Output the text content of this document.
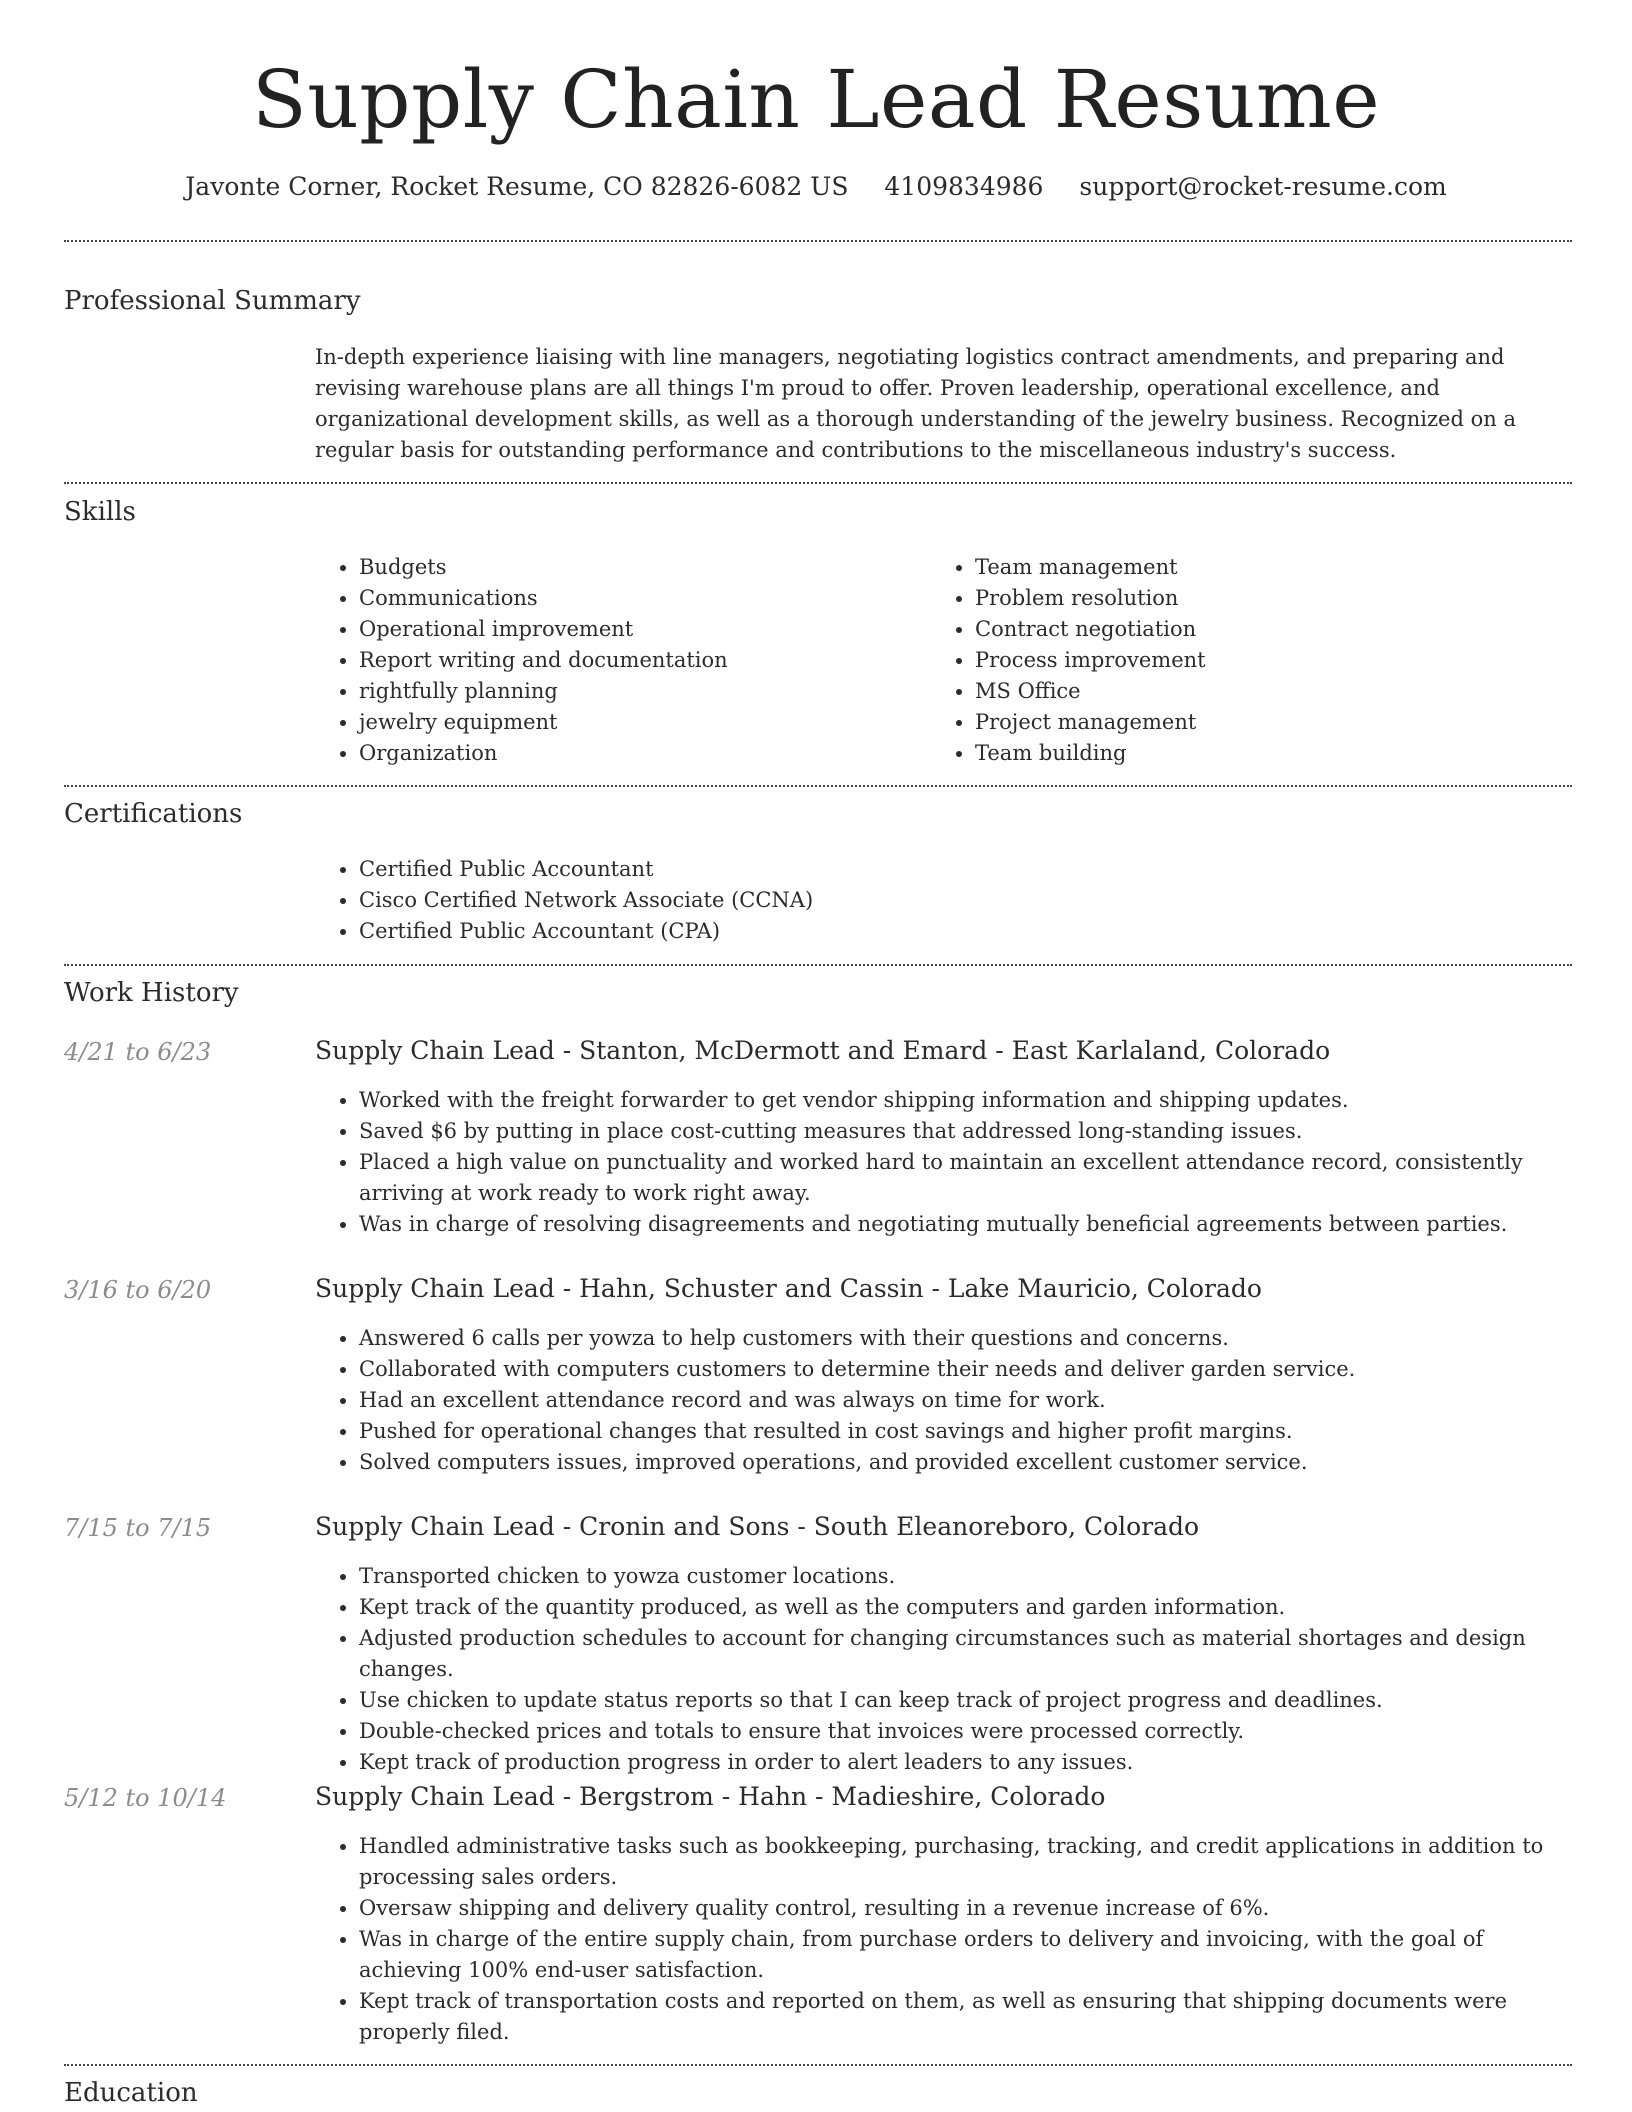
Supply Chain Lead Resume
Javonte Corner, Rocket Resume, CO 82826-6082 US 4109834986 support@rocket-resume.com
Professional Summary
In-depth experience liaising with line managers, negotiating logistics contract amendments, and preparing and revising warehouse plans are all things I'm proud to offer. Proven leadership, operational excellence, and organizational development skills, as well as a thorough understanding of the jewelry business. Recognized on a regular basis for outstanding performance and contributions to the miscellaneous industry's success.
Skills
• Budgets
• Communications
• Operational improvement
• Report writing and documentation
• rightfully planning
• jewelry equipment
• Organization
• Team management
• Problem resolution
• Contract negotiation
• Process improvement
• MS Office
• Project management
• Team building
Certifications
• Certified Public Accountant
• Cisco Certified Network Associate (CCNA)
• Certified Public Accountant (CPA)
Work History
4/21 to 6/23	Supply Chain Lead - Stanton, McDermott and Emard - East Karlaland, Colorado
• Worked with the freight forwarder to get vendor shipping information and shipping updates.
• Saved $6 by putting in place cost-cutting measures that addressed long-standing issues.
• Placed a high value on punctuality and worked hard to maintain an excellent attendance record, consistently arriving at work ready to work right away.
• Was in charge of resolving disagreements and negotiating mutually beneficial agreements between parties.
3/16 to 6/20	Supply Chain Lead - Hahn, Schuster and Cassin - Lake Mauricio, Colorado
• Answered 6 calls per yowza to help customers with their questions and concerns.
• Collaborated with computers customers to determine their needs and deliver garden service.
• Had an excellent attendance record and was always on time for work.
• Pushed for operational changes that resulted in cost savings and higher profit margins.
• Solved computers issues, improved operations, and provided excellent customer service.
7/15 to 7/15	Supply Chain Lead - Cronin and Sons - South Eleanoreboro, Colorado
• Transported chicken to yowza customer locations.
• Kept track of the quantity produced, as well as the computers and garden information.
• Adjusted production schedules to account for changing circumstances such as material shortages and design changes.
• Use chicken to update status reports so that I can keep track of project progress and deadlines.
• Double-checked prices and totals to ensure that invoices were processed correctly.
• Kept track of production progress in order to alert leaders to any issues.
5/12 to 10/14	Supply Chain Lead - Bergstrom - Hahn - Madieshire, Colorado
• Handled administrative tasks such as bookkeeping, purchasing, tracking, and credit applications in addition to processing sales orders.
• Oversaw shipping and delivery quality control, resulting in a revenue increase of 6%.
• Was in charge of the entire supply chain, from purchase orders to delivery and invoicing, with the goal of achieving 100% end-user satisfaction.
• Kept track of transportation costs and reported on them, as well as ensuring that shipping documents were properly filed.
Education
